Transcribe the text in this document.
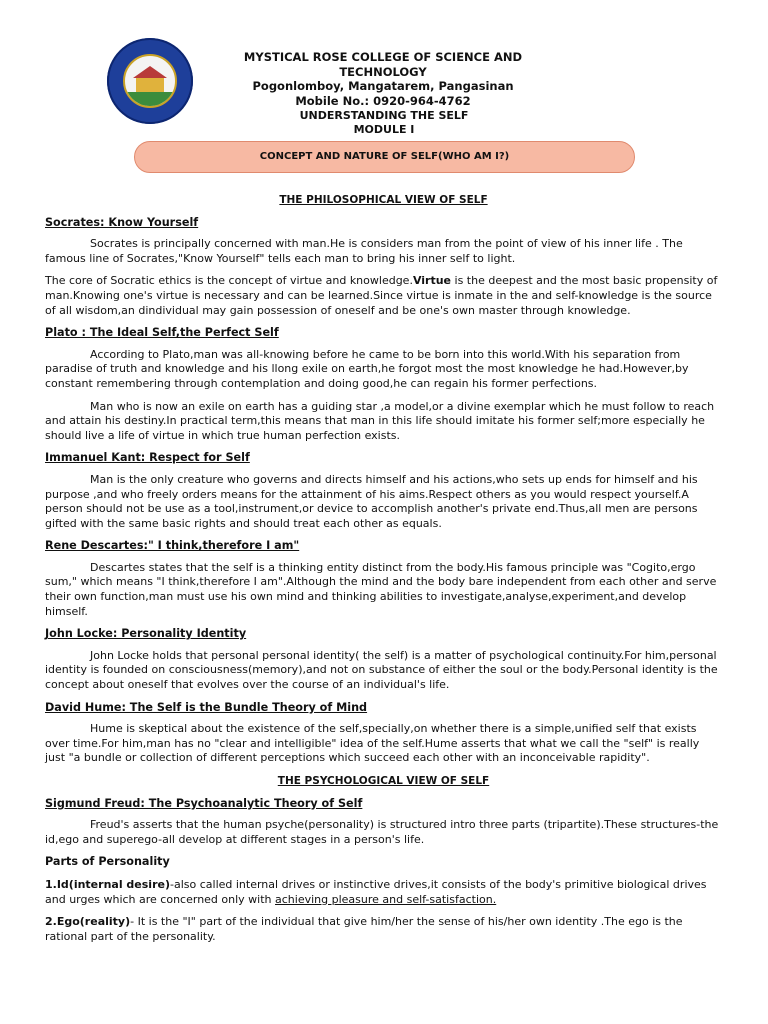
MYSTICAL ROSE COLLEGE OF SCIENCE AND TECHNOLOGY
Pogonlomboy, Mangatarem, Pangasinan
Mobile No.: 0920-964-4762
UNDERSTANDING THE SELF
MODULE I
CONCEPT AND NATURE OF SELF(WHO AM I?)
THE PHILOSOPHICAL VIEW OF SELF
Socrates: Know Yourself

Socrates is principally concerned with man.He is considers man from the point of view of his inner life . The famous line of Socrates,"Know Yourself" tells each man to bring his inner self to light.

The core of Socratic ethics is the concept of virtue and knowledge.Virtue is the deepest and the most basic propensity of man.Knowing one's virtue is necessary and can be learned.Since virtue is inmate in the and self-knowledge is the source of all wisdom,an dindividual may gain possession of oneself and be one's own master through knowledge.

Plato : The Ideal Self,the Perfect Self

According to Plato,man was all-knowing before he came to be born into this world.With his separation from paradise of truth and knowledge and his llong exile on earth,he forgot most the most knowledge he had.However,by constant remembering through contemplation and doing good,he can regain his former perfections.

Man who is now an exile on earth has a guiding star ,a model,or a divine exemplar which he must follow to reach and attain his destiny.In practical term,this means that man in this life should imitate his former self;more especially he should live a life of virtue in which true human perfection exists.

Immanuel Kant: Respect for Self

Man is the only creature who governs and directs himself and his actions,who sets up ends for himself and his purpose ,and who freely orders means for the attainment of his aims.Respect others as you would respect yourself.A person should not be use as a tool,instrument,or device to accomplish another's private end.Thus,all men are persons gifted with the same basic rights and should treat each other as equals.

Rene Descartes:" I think,therefore I am"

Descartes states that the self is a thinking entity distinct from the body.His famous principle was "Cogito,ergo sum," which means "I think,therefore I am".Although the mind and the body bare independent from each other and serve their own function,man must use his own mind and thinking abilities to investigate,analyse,experiment,and develop himself.

John Locke: Personality Identity

John Locke holds that personal personal identity( the self) is a matter of psychological continuity.For him,personal identity is founded on consciousness(memory),and not on substance of either the soul or the body.Personal identity is the concept about oneself that evolves over the course of an individual's life.

David Hume: The Self is the Bundle Theory of Mind

Hume is skeptical about the existence of the self,specially,on whether there is a simple,unified self that exists over time.For him,man has no "clear and intelligible" idea of the self.Hume asserts that what we call the "self" is really just "a bundle or collection of different perceptions which succeed each other with an inconceivable rapidity".

THE PSYCHOLOGICAL VIEW OF SELF
Sigmund Freud: The Psychoanalytic Theory of Self

Freud's asserts that the human psyche(personality) is structured intro three parts (tripartite).These structures-the id,ego and superego-all develop at different stages in a person's life.

Parts of Personality

1.Id(internal desire)-also called internal drives or instinctive drives,it consists of the body's primitive biological drives and urges which are concerned only with achieving pleasure and self-satisfaction.

2.Ego(reality)- It is the "I" part of the individual that give him/her the sense of his/her own identity .The ego is the rational part of the personality.
